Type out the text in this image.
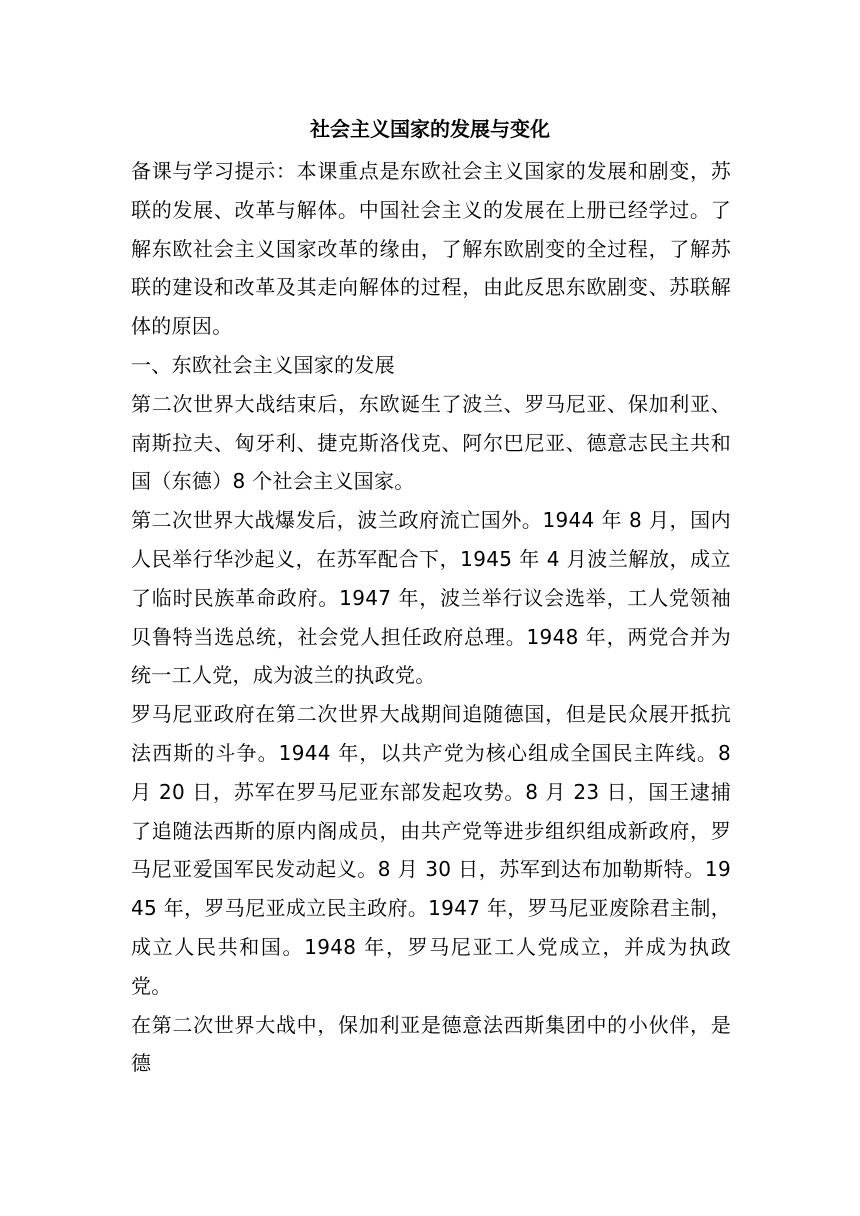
社会主义国家的发展与变化

备课与学习提示：本课重点是东欧社会主义国家的发展和剧变，苏联的发展、改革与解体。中国社会主义的发展在上册已经学过。了解东欧社会主义国家改革的缘由，了解东欧剧变的全过程，了解苏联的建设和改革及其走向解体的过程，由此反思东欧剧变、苏联解体的原因。

一、东欧社会主义国家的发展

第二次世界大战结束后，东欧诞生了波兰、罗马尼亚、保加利亚、南斯拉夫、匈牙利、捷克斯洛伐克、阿尔巴尼亚、德意志民主共和国（东德）8 个社会主义国家。

第二次世界大战爆发后，波兰政府流亡国外。1944 年 8 月，国内人民举行华沙起义，在苏军配合下，1945 年 4 月波兰解放，成立了临时民族革命政府。1947 年，波兰举行议会选举，工人党领袖贝鲁特当选总统，社会党人担任政府总理。1948 年，两党合并为统一工人党，成为波兰的执政党。

罗马尼亚政府在第二次世界大战期间追随德国，但是民众展开抵抗法西斯的斗争。1944 年，以共产党为核心组成全国民主阵线。8 月 20 日，苏军在罗马尼亚东部发起攻势。8 月 23 日，国王逮捕了追随法西斯的原内阁成员，由共产党等进步组织组成新政府，罗马尼亚爱国军民发动起义。8 月 30 日，苏军到达布加勒斯特。1945 年，罗马尼亚成立民主政府。1947 年，罗马尼亚废除君主制，成立人民共和国。1948 年，罗马尼亚工人党成立，并成为执政党。

在第二次世界大战中，保加利亚是德意法西斯集团中的小伙伴，是德
